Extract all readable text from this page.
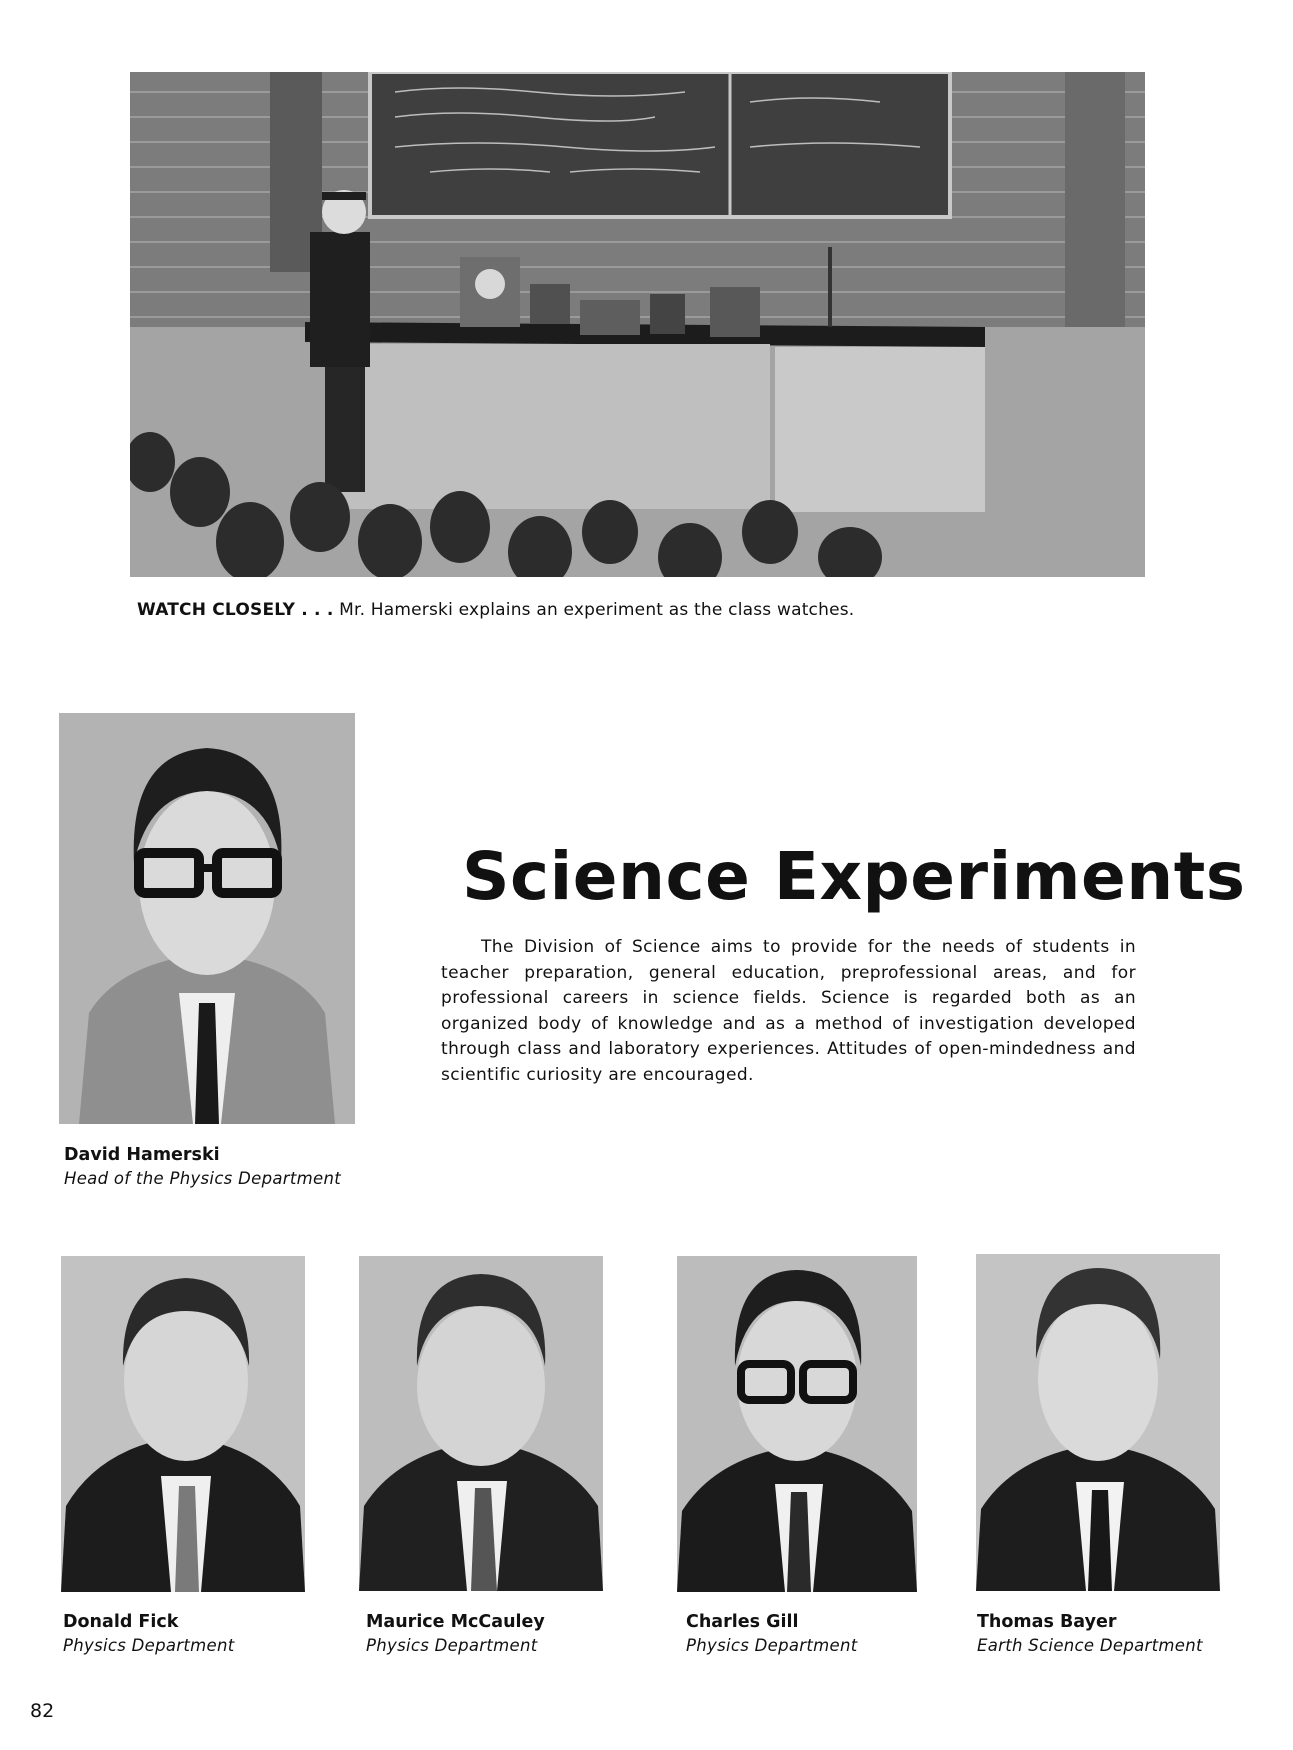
WATCH CLOSELY . . . Mr. Hamerski explains an experiment as the class watches.
David Hamerski
Head of the Physics Department
Science Experiments
The Division of Science aims to provide for the needs of students in teacher preparation, general education, preprofessional areas, and for professional careers in science fields. Science is regarded both as an organized body of knowledge and as a method of investigation developed through class and laboratory experiences. Attitudes of open-mindedness and scientific curiosity are encouraged.
Donald Fick
Physics Department
Maurice McCauley
Physics Department
Charles Gill
Physics Department
Thomas Bayer
Earth Science Department
82
